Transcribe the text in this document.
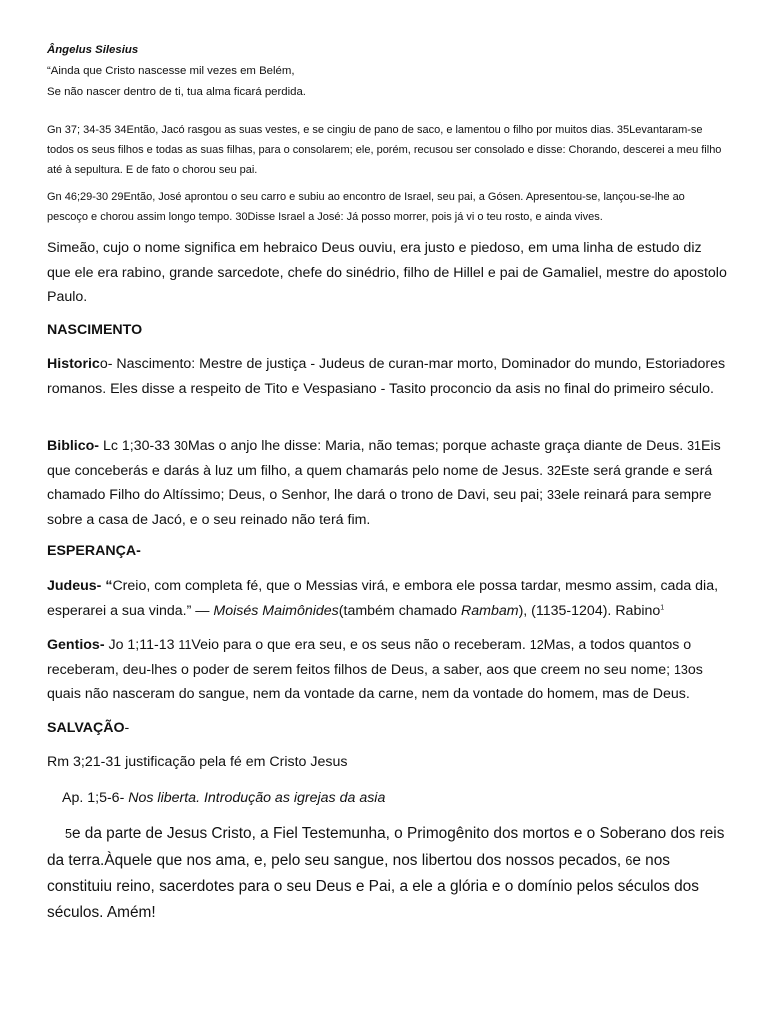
Ângelus Silesius
“Ainda que Cristo nascesse mil vezes em Belém,
Se não nascer dentro de ti, tua alma ficará perdida.
Gn 37; 34-35 34Então, Jacó rasgou as suas vestes, e se cingiu de pano de saco, e lamentou o filho por muitos dias. 35Levantaram-se todos os seus filhos e todas as suas filhas, para o consolarem; ele, porém, recusou ser consolado e disse: Chorando, descerei a meu filho até à sepultura. E de fato o chorou seu pai.
Gn 46;29-30 29Então, José aprontou o seu carro e subiu ao encontro de Israel, seu pai, a Gósen. Apresentou-se, lançou-se-lhe ao pescoço e chorou assim longo tempo. 30Disse Israel a José: Já posso morrer, pois já vi o teu rosto, e ainda vives.
Simeão, cujo o nome significa em hebraico Deus ouviu, era justo e piedoso, em uma linha de estudo diz que ele era rabino, grande sarcedote, chefe do sinédrio, filho de Hillel e pai de Gamaliel, mestre do apostolo Paulo.
NASCIMENTO
Historico- Nascimento: Mestre de justiça - Judeus de curan-mar morto, Dominador do mundo, Estoriadores romanos. Eles disse a respeito de Tito e Vespasiano - Tasito proconcio da asis no final do primeiro século.
Biblico- Lc 1;30-33 30Mas o anjo lhe disse: Maria, não temas; porque achaste graça diante de Deus. 31Eis que conceberás e darás à luz um filho, a quem chamarás pelo nome de Jesus. 32Este será grande e será chamado Filho do Altíssimo; Deus, o Senhor, lhe dará o trono de Davi, seu pai; 33ele reinará para sempre sobre a casa de Jacó, e o seu reinado não terá fim.
ESPERANÇA-
Judeus- “Creio, com completa fé, que o Messias virá, e embora ele possa tardar, mesmo assim, cada dia, esperarei a sua vinda.” — Moisés Maimônides(também chamado Rambam), (1135-1204). Rabino$^1$
Gentios- Jo 1;11-13 11Veio para o que era seu, e os seus não o receberam. 12Mas, a todos quantos o receberam, deu-lhes o poder de serem feitos filhos de Deus, a saber, aos que creem no seu nome; 13os quais não nasceram do sangue, nem da vontade da carne, nem da vontade do homem, mas de Deus.
SALVAÇÃO-
Rm 3;21-31 justificação pela fé em Cristo Jesus
Ap. 1;5-6- Nos liberta. Introdução as igrejas da asia
5e da parte de Jesus Cristo, a Fiel Testemunha, o Primogênito dos mortos e o Soberano dos reis da terra.Àquele que nos ama, e, pelo seu sangue, nos libertou dos nossos pecados, 6e nos constituiu reino, sacerdotes para o seu Deus e Pai, a ele a glória e o domínio pelos séculos dos séculos. Amém!
